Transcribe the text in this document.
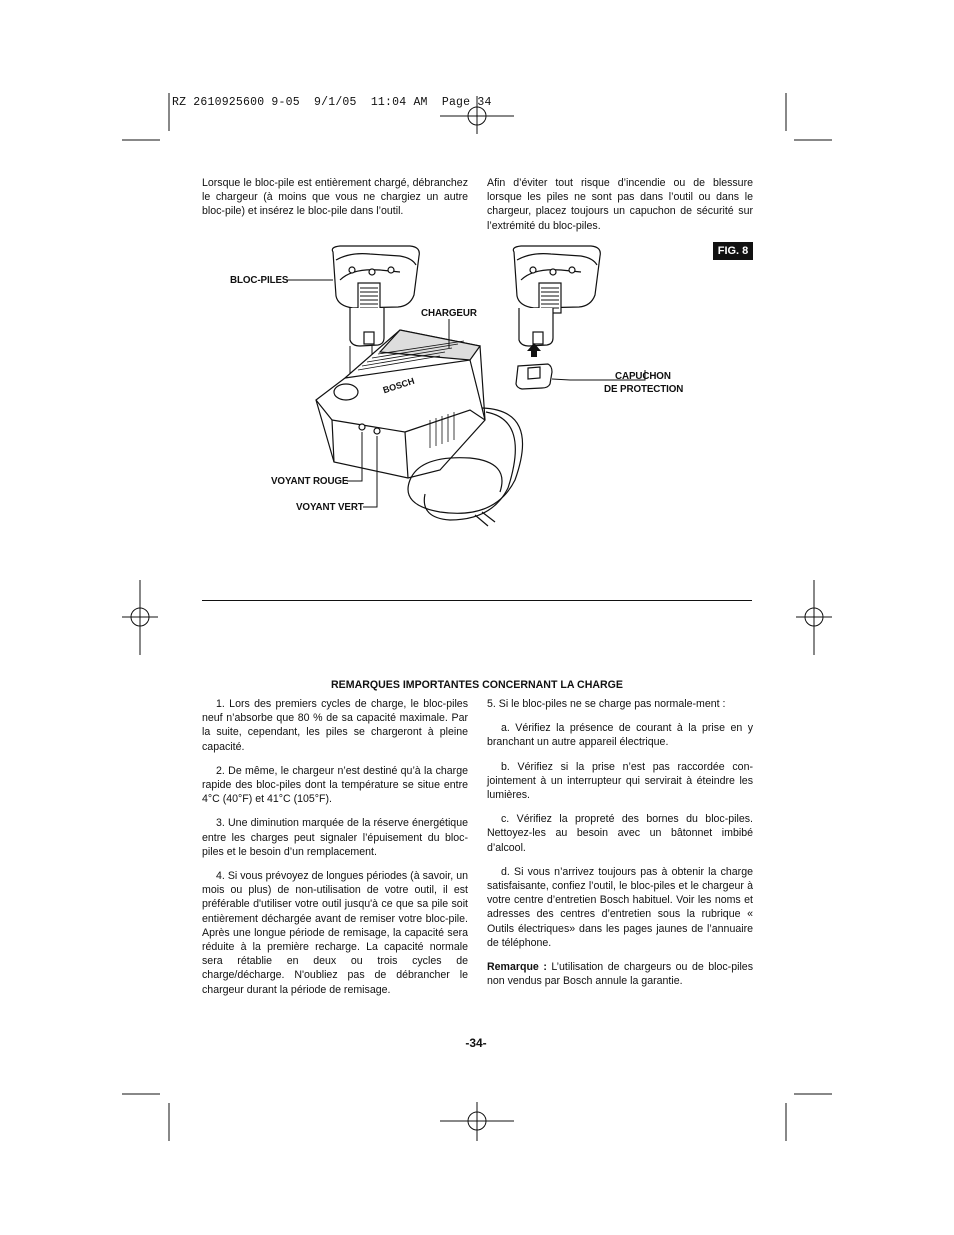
BOSCH
RZ 2610925600 9-05  9/1/05  11:04 AM  Page 34
Lorsque le bloc-pile est entièrement chargé, débranchez le chargeur (à moins que vous ne chargiez un autre bloc-pile) et insérez le bloc-pile dans l’outil.
Afin d’éviter tout risque d’incendie ou de blessure lorsque les piles ne sont pas dans l’outil ou dans le chargeur, placez toujours un capuchon de sécurité sur l’extrémité du bloc-piles.
FIG. 8
BLOC-PILES
CHARGEUR
CAPUCHON
DE PROTECTION
VOYANT ROUGE
VOYANT VERT
REMARQUES IMPORTANTES CONCERNANT LA CHARGE

1. Lors des premiers cycles de charge, le bloc-piles neuf n’absorbe que 80 % de sa capacité maximale. Par la suite, cependant, les piles se chargeront à pleine capacité.

2. De même, le chargeur n’est destiné qu’à la charge rapide des bloc-piles dont la température se situe entre 4°C (40°F) et 41°C (105°F).

3. Une diminution marquée de la réserve énergétique entre les charges peut signaler l’épuisement du bloc-piles et le besoin d’un remplacement.

4. Si vous prévoyez de longues périodes (à savoir, un mois ou plus) de non-utilisation de votre outil, il est préférable d'utiliser votre outil jusqu'à ce que sa pile soit entièrement déchargée avant de remiser votre bloc-pile. Après une longue période de remisage, la capacité sera réduite à la première recharge. La capacité normale sera rétablie en deux ou trois cycles de charge/décharge. N'oubliez pas de débrancher le chargeur durant la période de remisage.

5. Si le bloc-piles ne se charge pas normale-ment :

a. Vérifiez la présence de courant à la prise en y branchant un autre appareil électrique.

b. Vérifiez si la prise n’est pas raccordée con-jointement à un interrupteur qui servirait à éteindre les lumières.

c. Vérifiez la propreté des bornes du bloc-piles. Nettoyez-les au besoin avec un bâtonnet imbibé d’alcool.

d. Si vous n’arrivez toujours pas à obtenir la charge satisfaisante, confiez l’outil, le bloc-piles et le chargeur à votre centre d’entretien Bosch habituel. Voir les noms et adresses des centres d’entretien sous la rubrique « Outils électriques» dans les pages jaunes de l’annuaire de téléphone.

Remarque : L’utilisation de chargeurs ou de bloc-piles non vendus par Bosch annule la garantie.

-34-
